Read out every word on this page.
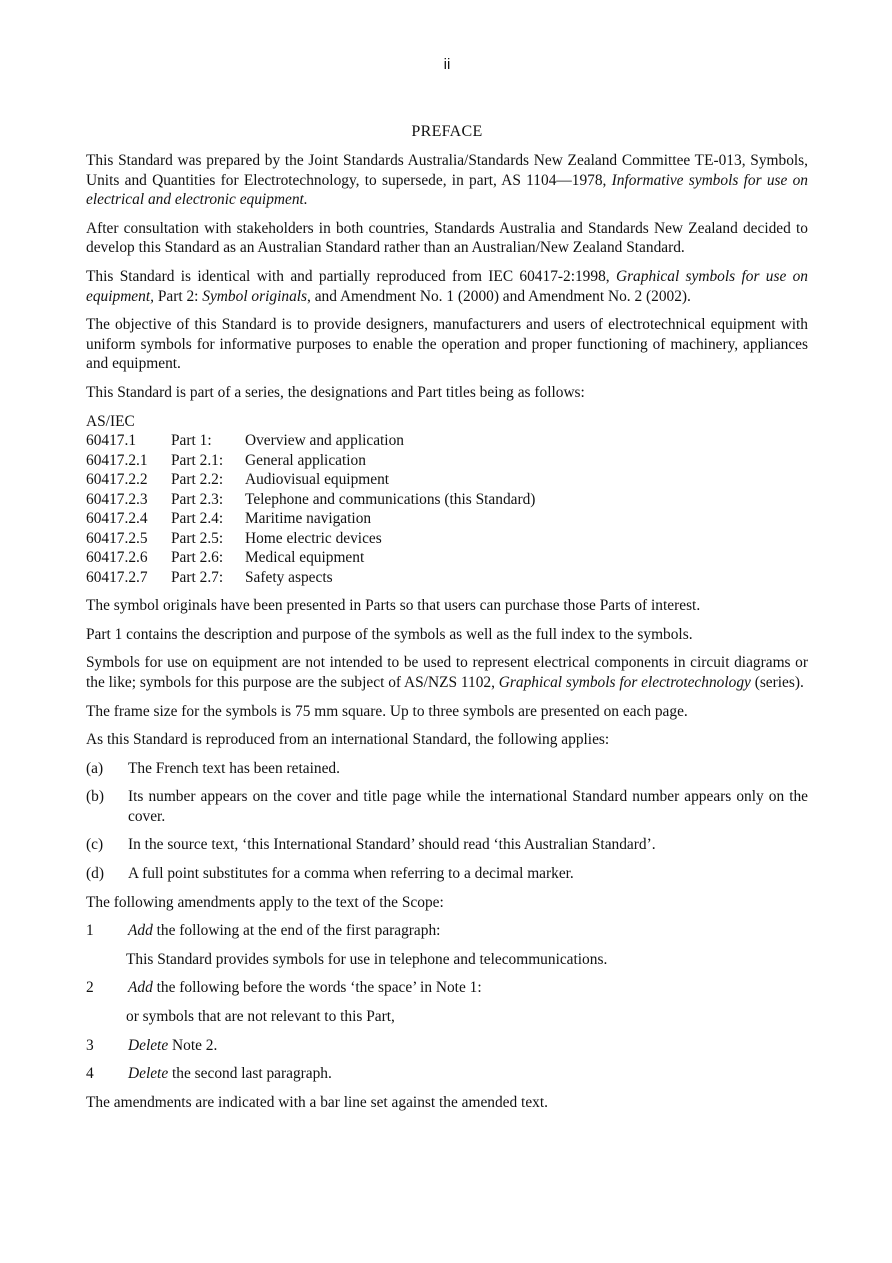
ii
PREFACE

This Standard was prepared by the Joint Standards Australia/Standards New Zealand Committee TE-013, Symbols, Units and Quantities for Electrotechnology, to supersede, in part, AS 1104—1978, Informative symbols for use on electrical and electronic equipment.

After consultation with stakeholders in both countries, Standards Australia and Standards New Zealand decided to develop this Standard as an Australian Standard rather than an Australian/New Zealand Standard.

This Standard is identical with and partially reproduced from IEC 60417-2:1998, Graphical symbols for use on equipment, Part 2: Symbol originals, and Amendment No. 1 (2000) and Amendment No. 2 (2002).

The objective of this Standard is to provide designers, manufacturers and users of electrotechnical equipment with uniform symbols for informative purposes to enable the operation and proper functioning of machinery, appliances and equipment.

This Standard is part of a series, the designations and Part titles being as follows:

AS/IEC
60417.1	Part 1:	Overview and application
60417.2.1	Part 2.1:	General application
60417.2.2	Part 2.2:	Audiovisual equipment
60417.2.3	Part 2.3:	Telephone and communications (this Standard)
60417.2.4	Part 2.4:	Maritime navigation
60417.2.5	Part 2.5:	Home electric devices
60417.2.6	Part 2.6:	Medical equipment
60417.2.7	Part 2.7:	Safety aspects

The symbol originals have been presented in Parts so that users can purchase those Parts of interest.

Part 1 contains the description and purpose of the symbols as well as the full index to the symbols.

Symbols for use on equipment are not intended to be used to represent electrical components in circuit diagrams or the like; symbols for this purpose are the subject of AS/NZS 1102, Graphical symbols for electrotechnology (series).

The frame size for the symbols is 75 mm square. Up to three symbols are presented on each page.

As this Standard is reproduced from an international Standard, the following applies:

(a)	The French text has been retained.
(b)	Its number appears on the cover and title page while the international Standard number appears only on the cover.
(c)	In the source text, ‘this International Standard’ should read ‘this Australian Standard’.
(d)	A full point substitutes for a comma when referring to a decimal marker.

The following amendments apply to the text of the Scope:

1	Add the following at the end of the first paragraph:
This Standard provides symbols for use in telephone and telecommunications.
2	Add the following before the words ‘the space’ in Note 1:
or symbols that are not relevant to this Part,
3	Delete Note 2.
4	Delete the second last paragraph.

The amendments are indicated with a bar line set against the amended text.
